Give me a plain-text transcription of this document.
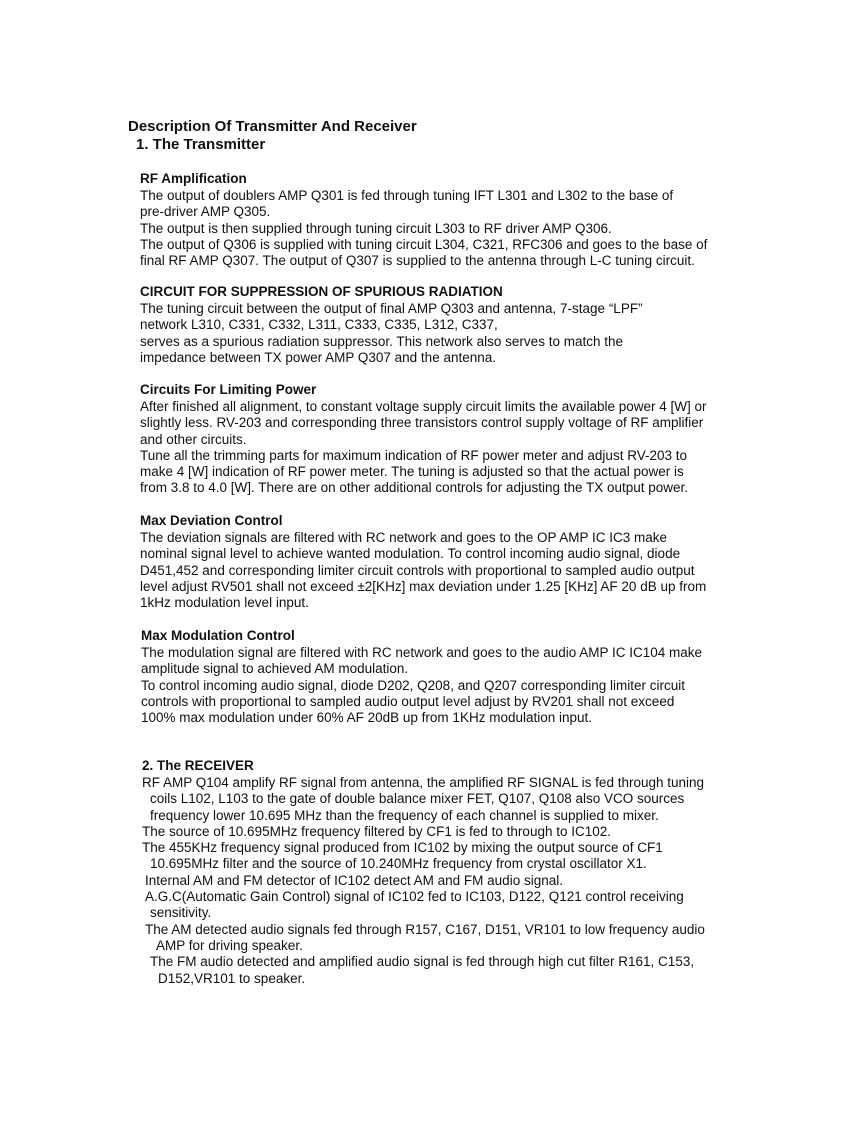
Description Of Transmitter And Receiver
1. The Transmitter
RF Amplification

The output of doublers AMP Q301 is fed through tuning IFT L301 and L302 to the base of

pre-driver AMP Q305.

The output is then supplied through tuning circuit L303 to RF driver AMP Q306.

The output of Q306 is supplied with tuning circuit L304, C321, RFC306 and goes to the base of

final RF AMP Q307. The output of Q307 is supplied to the antenna through L-C tuning circuit.

CIRCUIT FOR SUPPRESSION OF SPURIOUS RADIATION

The tuning circuit between the output of final AMP Q303 and antenna, 7-stage “LPF”

network L310, C331, C332, L311, C333, C335, L312, C337,

serves as a spurious radiation suppressor. This network also serves to match the

impedance between TX power AMP Q307 and the antenna.

Circuits For Limiting Power

After finished all alignment, to constant voltage supply circuit limits the available power 4 [W] or

slightly less. RV-203 and corresponding three transistors control supply voltage of RF amplifier

and other circuits.

Tune all the trimming parts for maximum indication of RF power meter and adjust RV-203 to

make 4 [W] indication of RF power meter. The tuning is adjusted so that the actual power is

from 3.8 to 4.0 [W]. There are on other additional controls for adjusting the TX output power.

Max Deviation Control

The deviation signals are filtered with RC network and goes to the OP AMP IC IC3 make

nominal signal level to achieve wanted modulation. To control incoming audio signal, diode

D451,452 and corresponding limiter circuit controls with proportional to sampled audio output

level adjust RV501 shall not exceed ±2[KHz] max deviation under 1.25 [KHz] AF 20 dB up from

1kHz modulation level input.

Max Modulation Control

The modulation signal are filtered with RC network and goes to the audio AMP IC IC104 make

amplitude signal to achieved AM modulation.

To control incoming audio signal, diode D202, Q208, and Q207 corresponding limiter circuit

controls with proportional to sampled audio output level adjust by RV201 shall not exceed

100% max modulation under 60% AF 20dB up from 1KHz modulation input.

2. The RECEIVER

RF AMP Q104 amplify RF signal from antenna, the amplified RF SIGNAL is fed through tuning

coils L102, L103 to the gate of double balance mixer FET, Q107, Q108 also VCO sources

frequency lower 10.695 MHz than the frequency of each channel is supplied to mixer.

The source of 10.695MHz frequency filtered by CF1 is fed to through to IC102.

The 455KHz frequency signal produced from IC102 by mixing the output source of CF1

10.695MHz filter and the source of 10.240MHz frequency from crystal oscillator X1.

Internal AM and FM detector of IC102 detect AM and FM audio signal.

A.G.C(Automatic Gain Control) signal of IC102 fed to IC103, D122, Q121 control receiving

sensitivity.

The AM detected audio signals fed through R157, C167, D151, VR101 to low frequency audio

AMP for driving speaker.

The FM audio detected and amplified audio signal is fed through high cut filter R161, C153,

D152,VR101 to speaker.
